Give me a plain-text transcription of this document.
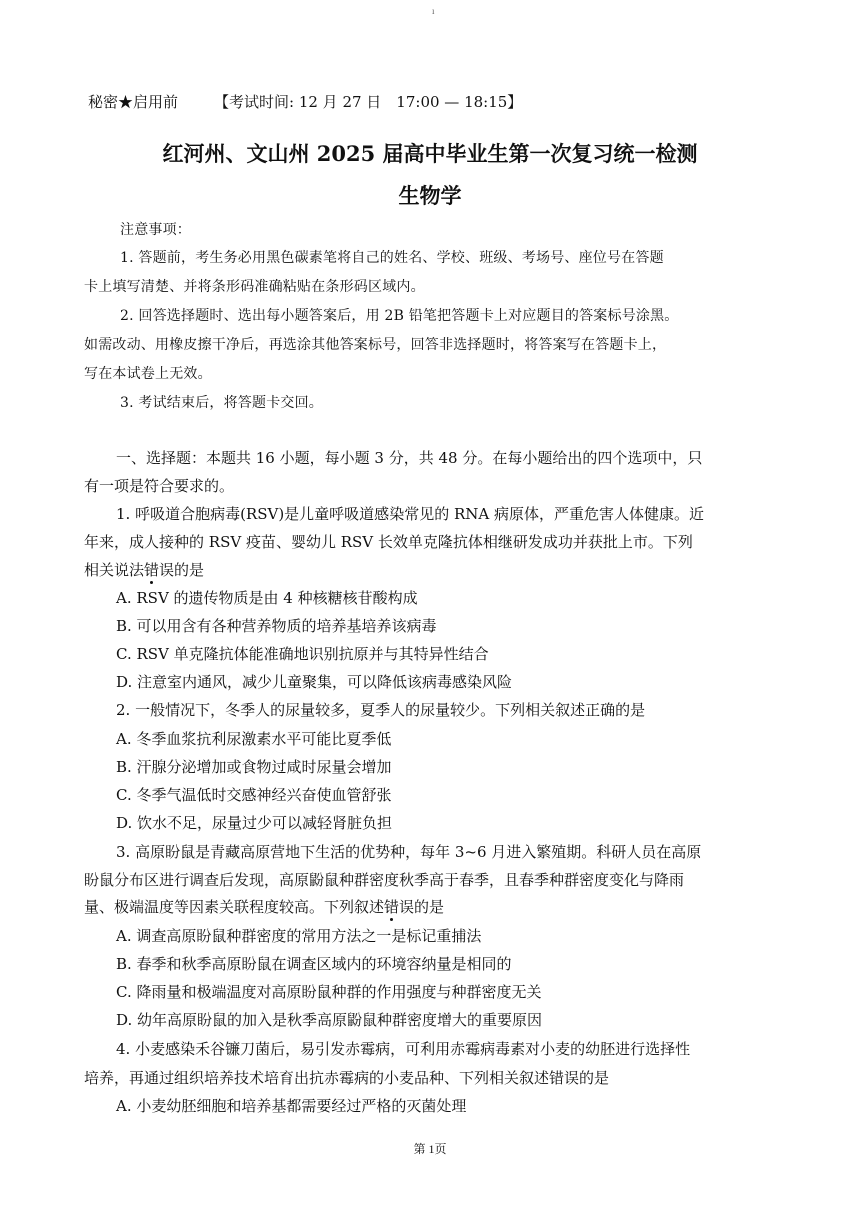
ı
秘密★启用前 【考试时间: 12 月 27 日　17:00 — 18:15】
红河州、文山州 2025 届高中毕业生第一次复习统一检测
生物学
注意事项：
1. 答题前，考生务必用黑色碳素笔将自己的姓名、学校、班级、考场号、座位号在答题
卡上填写清楚、并将条形码准确粘贴在条形码区域内。
2. 回答选择题时、选出每小题答案后，用 2B 铅笔把答题卡上对应题目的答案标号涂黑。
如需改动、用橡皮擦干净后，再选涂其他答案标号，回答非选择题时，将答案写在答题卡上，
写在本试卷上无效。
3. 考试结束后，将答题卡交回。
一、选择题：本题共 16 小题，每小题 3 分，共 48 分。在每小题给出的四个选项中，只
有一项是符合要求的。
1. 呼吸道合胞病毒(RSV)是儿童呼吸道感染常见的 RNA 病原体，严重危害人体健康。近
年来，成人接种的 RSV 疫苗、婴幼儿 RSV 长效单克隆抗体相继研发成功并获批上市。下列
相关说法错误的是
A. RSV 的遗传物质是由 4 种核糖核苷酸构成
B. 可以用含有各种营养物质的培养基培养该病毒
C. RSV 单克隆抗体能准确地识别抗原并与其特异性结合
D. 注意室内通风，减少儿童聚集，可以降低该病毒感染风险
2. 一般情况下，冬季人的尿量较多，夏季人的尿量较少。下列相关叙述正确的是
A. 冬季血浆抗利尿激素水平可能比夏季低
B. 汗腺分泌增加或食物过咸时尿量会增加
C. 冬季气温低时交感神经兴奋使血管舒张
D. 饮水不足，尿量过少可以减轻肾脏负担
3. 高原盼鼠是青藏高原营地下生活的优势种，每年 3~6 月进入繁殖期。科研人员在高原
盼鼠分布区进行调查后发现，高原鼢鼠种群密度秋季高于春季，且春季种群密度变化与降雨
量、极端温度等因素关联程度较高。下列叙述错误的是
A. 调查高原盼鼠种群密度的常用方法之一是标记重捕法
B. 春季和秋季高原盼鼠在调查区域内的环境容纳量是相同的
C. 降雨量和极端温度对高原盼鼠种群的作用强度与种群密度无关
D. 幼年高原盼鼠的加入是秋季高原鼢鼠种群密度增大的重要原因
4. 小麦感染禾谷镰刀菌后，易引发赤霉病，可利用赤霉病毒素对小麦的幼胚进行选择性
培养，再通过组织培养技术培育出抗赤霉病的小麦品种、下列相关叙述错误的是
A. 小麦幼胚细胞和培养基都需要经过严格的灭菌处理
第 1页
